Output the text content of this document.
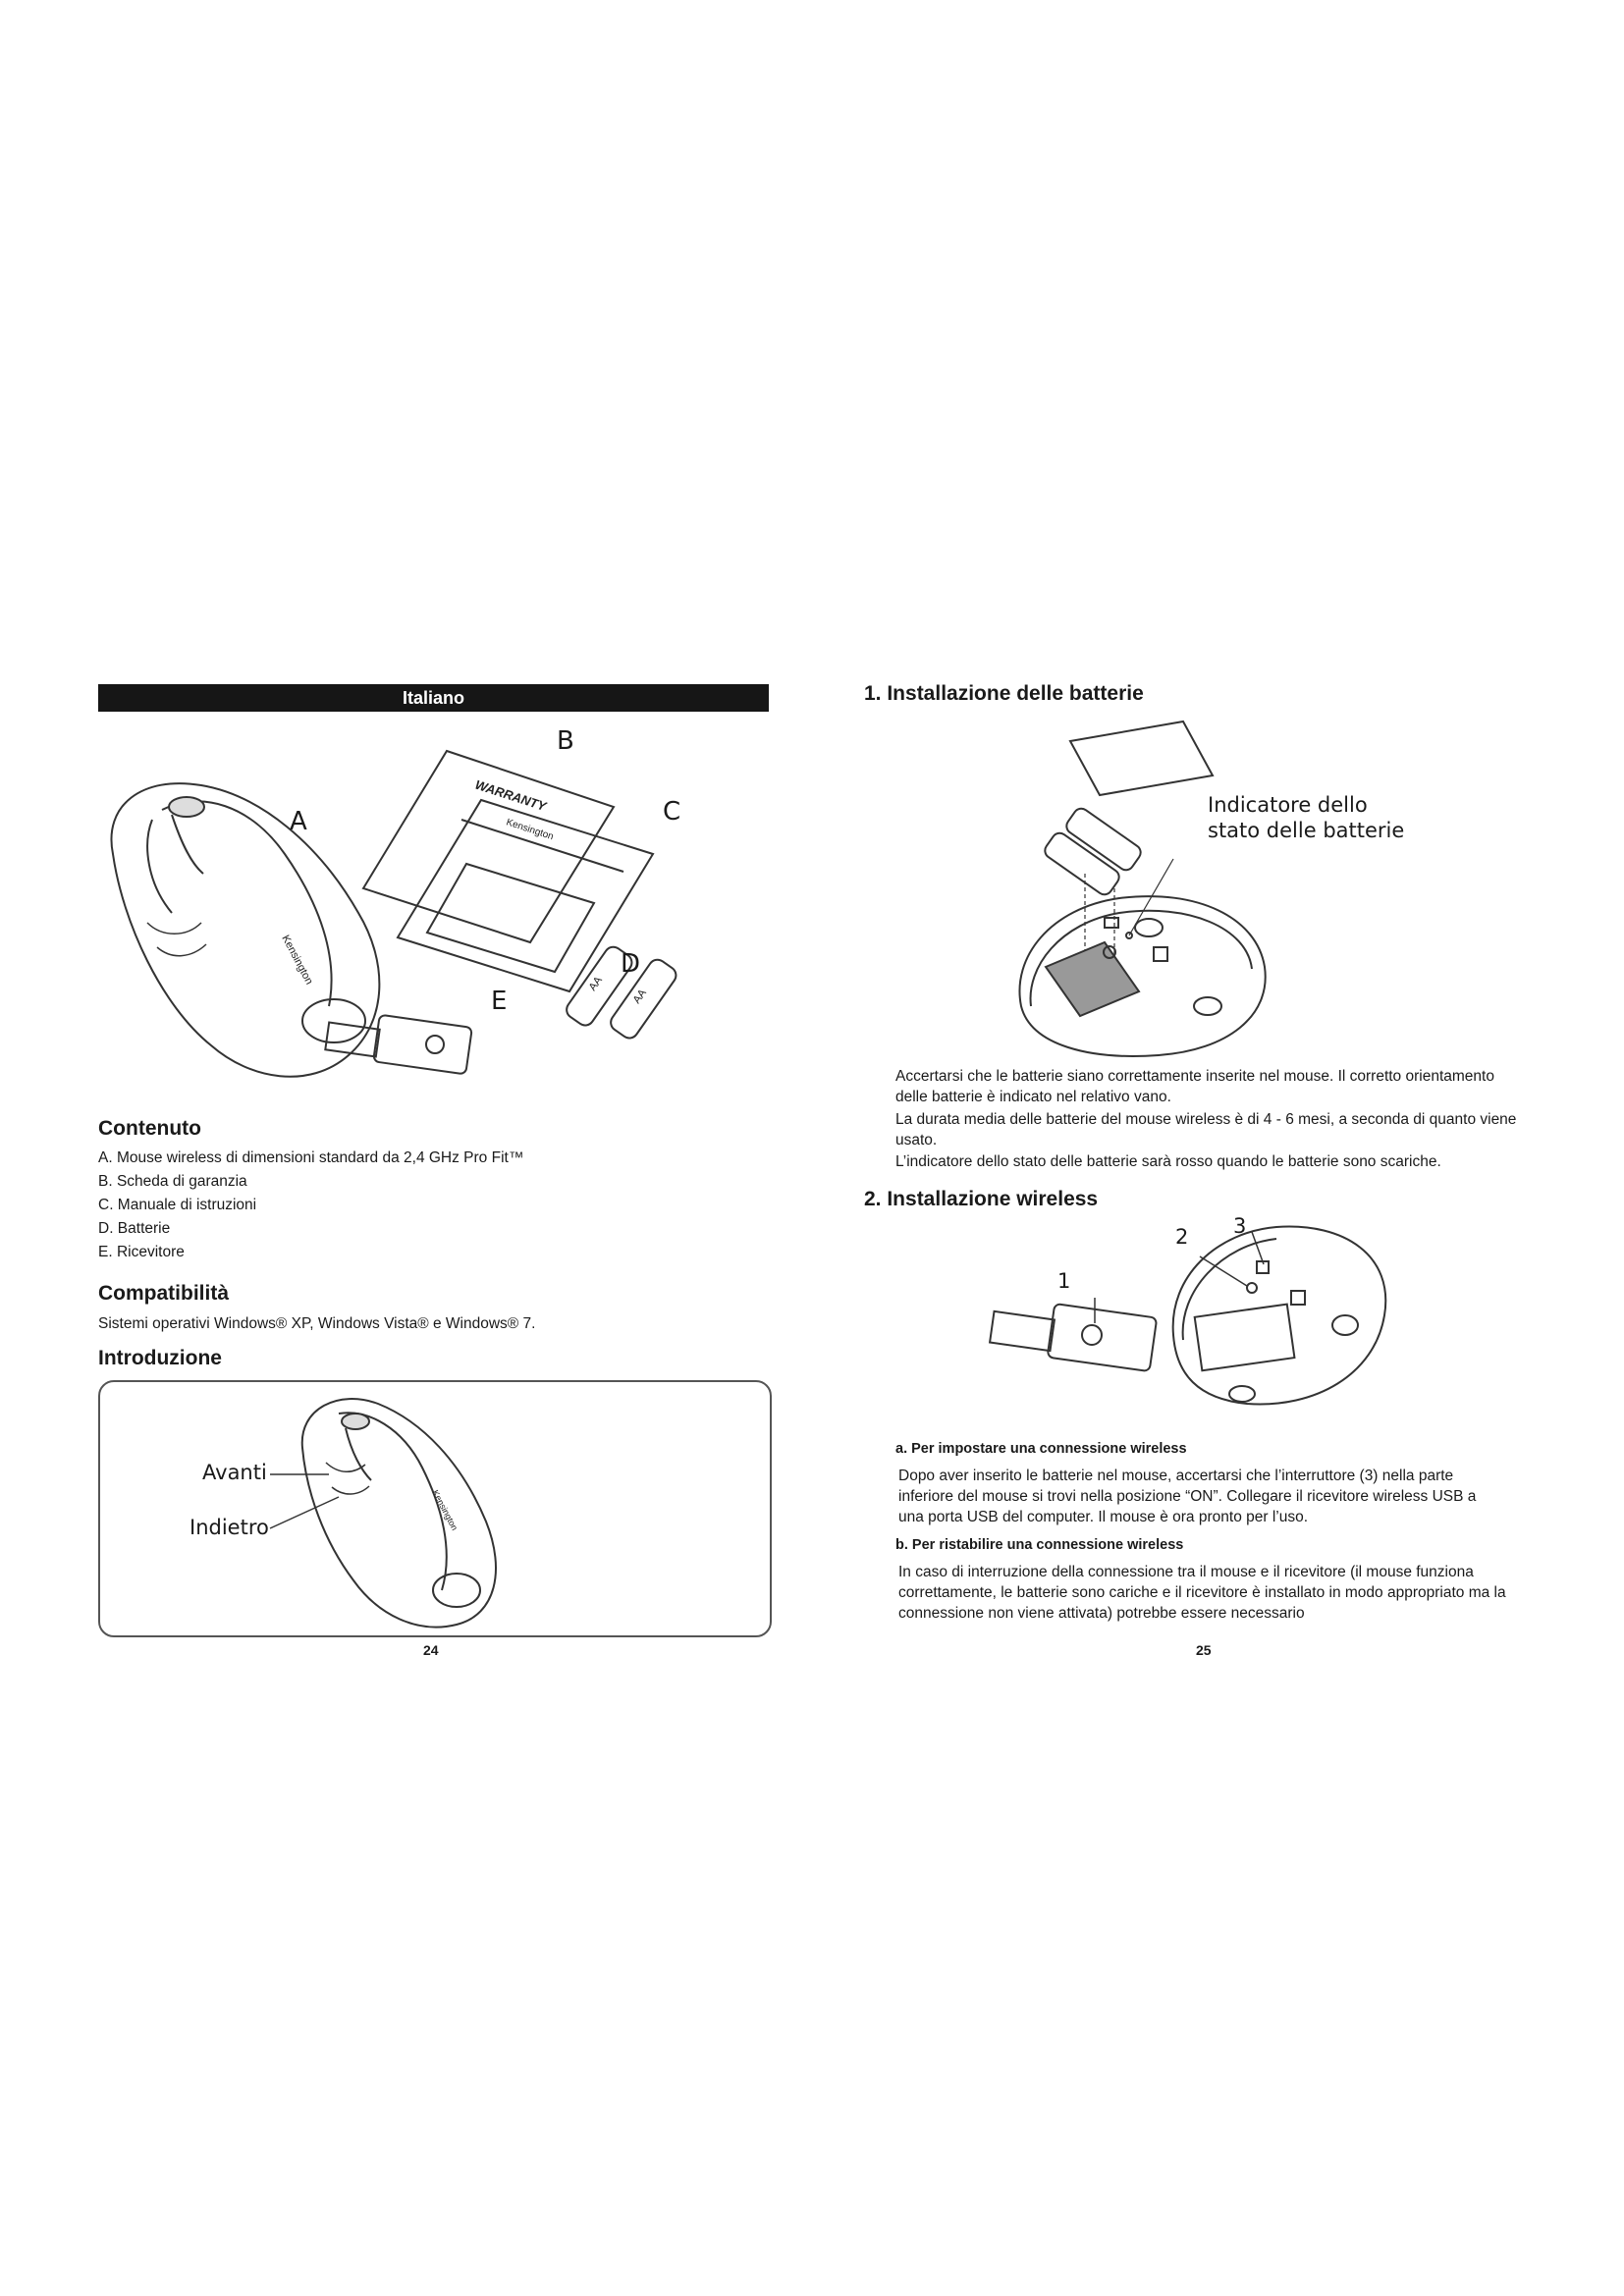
Italiano
WARRANTY
Kensington
Kensington	AA
AA
B
A	C
D
E
Contenuto
A. Mouse wireless di dimensioni standard da 2,4 GHz Pro Fit™
B. Scheda di garanzia
C. Manuale di istruzioni
D. Batterie
E. Ricevitore
Compatibilità
Sistemi operativi Windows® XP, Windows Vista® e Windows® 7.
Introduzione
Kensington
Avanti
Indietro
24
1. Installazione delle batterie
Indicatore dello
stato delle batterie
Accertarsi che le batterie siano correttamente inserite nel mouse. Il corretto orientamento delle batterie è indicato nel relativo vano.
La durata media delle batterie del mouse wireless è di 4 - 6 mesi, a seconda di quanto viene usato.
L’indicatore dello stato delle batterie sarà rosso quando le batterie sono scariche.
2. Installazione wireless
2 3
1
a. Per impostare una connessione wireless
Dopo aver inserito le batterie nel mouse, accertarsi che l’interruttore (3) nella parte inferiore del mouse si trovi nella posizione “ON”. Collegare il ricevitore wireless USB a una porta USB del computer. Il mouse è ora pronto per l’uso.
b. Per ristabilire una connessione wireless
In caso di interruzione della connessione tra il mouse e il ricevitore (il mouse funziona correttamente, le batterie sono cariche e il ricevitore è installato in modo appropriato ma la connessione non viene attivata) potrebbe essere necessario
25
